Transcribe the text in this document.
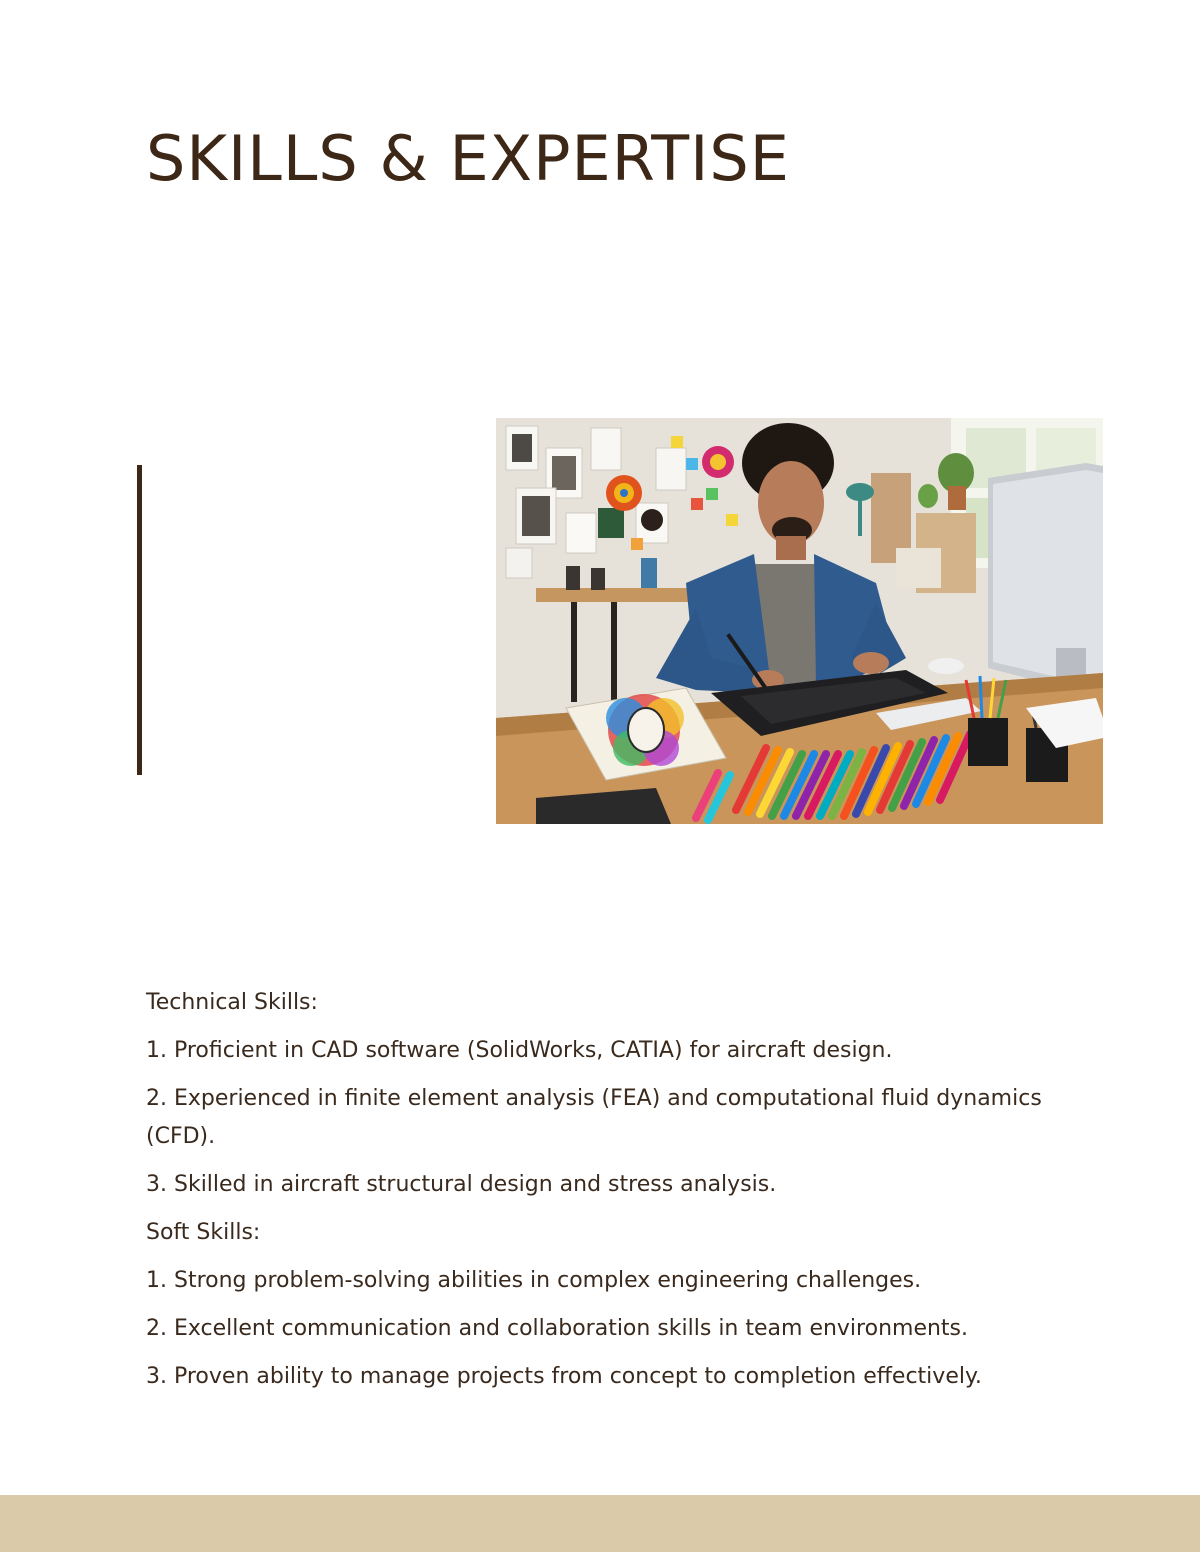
SKILLS & EXPERTISE

Technical Skills:

1. Proficient in CAD software (SolidWorks, CATIA) for aircraft design.

2. Experienced in finite element analysis (FEA) and computational fluid dynamics (CFD).

3. Skilled in aircraft structural design and stress analysis.

Soft Skills:

1. Strong problem-solving abilities in complex engineering challenges.

2. Excellent communication and collaboration skills in team environments.

3. Proven ability to manage projects from concept to completion effectively.
